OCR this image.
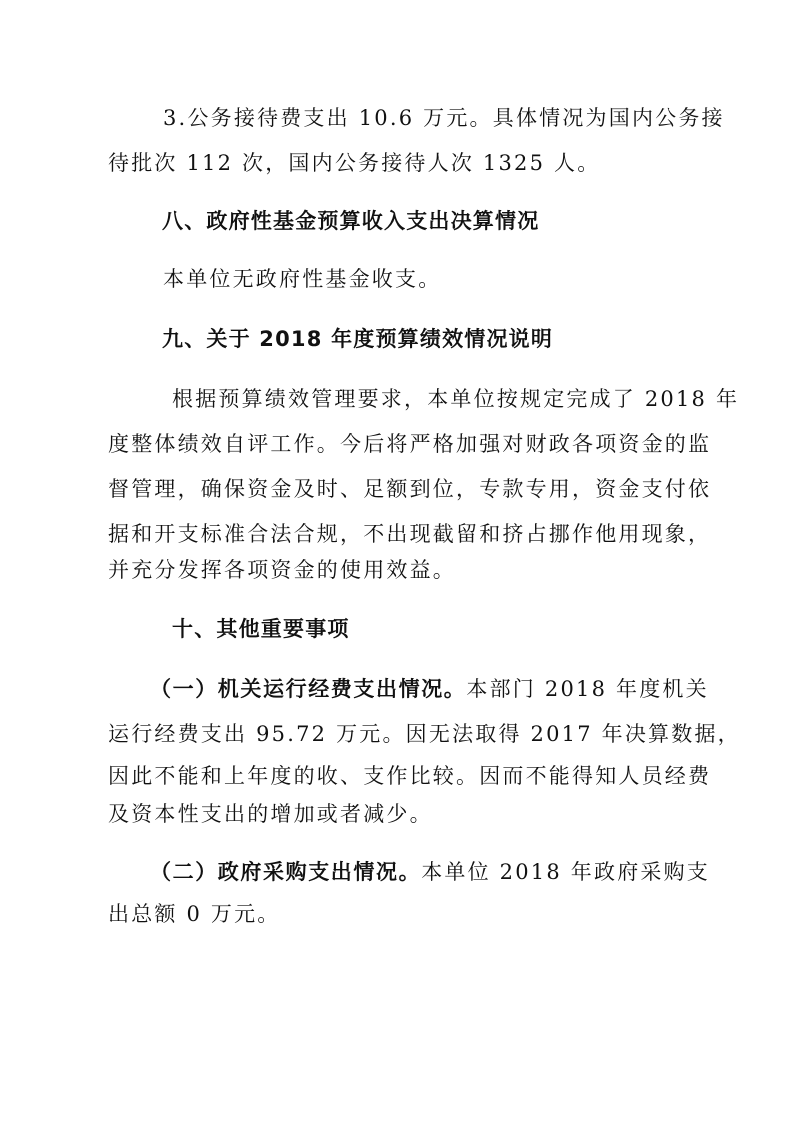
3.公务接待费支出 10.6 万元。具体情况为国内公务接
待批次 112 次，国内公务接待人次 1325 人。
八、政府性基金预算收入支出决算情况
本单位无政府性基金收支。
九、关于 2018 年度预算绩效情况说明
根据预算绩效管理要求，本单位按规定完成了 2018 年
度整体绩效自评工作。今后将严格加强对财政各项资金的监
督管理，确保资金及时、足额到位，专款专用，资金支付依
据和开支标准合法合规，不出现截留和挤占挪作他用现象，
并充分发挥各项资金的使用效益。
十、其他重要事项
（一）机关运行经费支出情况。本部门 2018 年度机关
运行经费支出 95.72 万元。因无法取得 2017 年决算数据，
因此不能和上年度的收、支作比较。因而不能得知人员经费
及资本性支出的增加或者减少。
（二）政府采购支出情况。本单位 2018 年政府采购支
出总额 0 万元。
